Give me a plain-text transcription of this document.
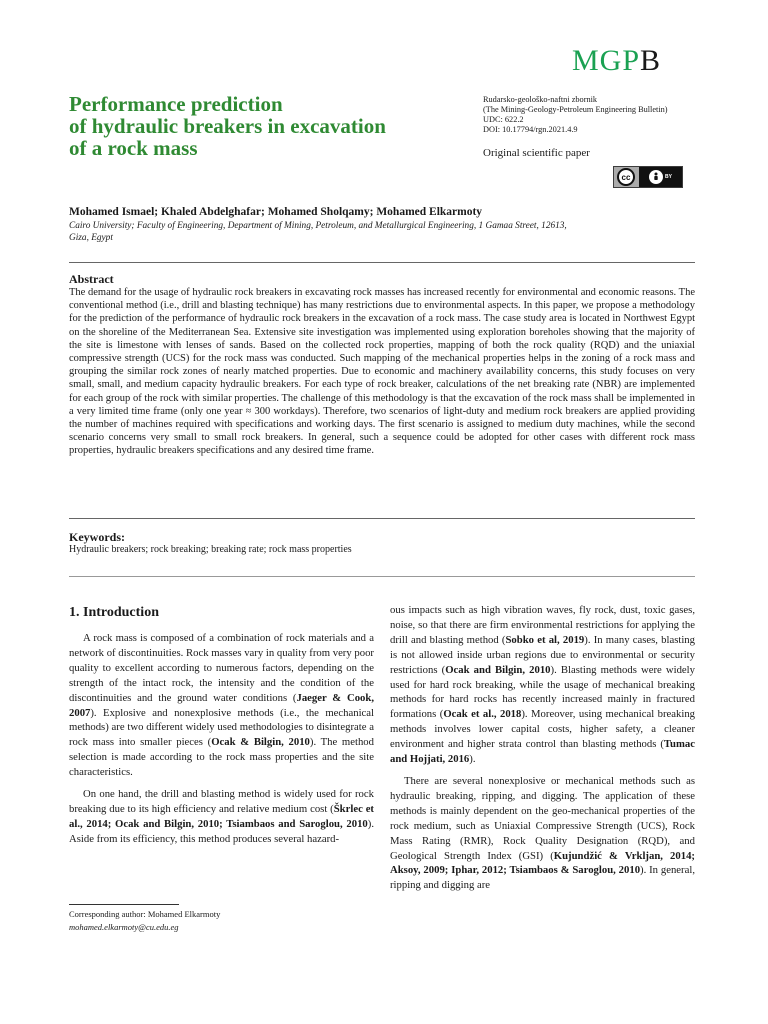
MGPB
Performance prediction
of hydraulic breakers in excavation
of a rock mass
Rudarsko-geološko-naftni zbornik
(The Mining-Geology-Petroleum Engineering Bulletin)
UDC: 622.2
DOI: 10.17794/rgn.2021.4.9
Original scientific paper
cc	BY
Mohamed Ismael; Khaled Abdelghafar; Mohamed Sholqamy; Mohamed Elkarmoty
Cairo University; Faculty of Engineering, Department of Mining, Petroleum, and Metallurgical Engineering, 1 Gamaa Street, 12613,
Giza, Egypt
Abstract

The demand for the usage of hydraulic rock breakers in excavating rock masses has increased recently for environmental and economic reasons. The conventional method (i.e., drill and blasting technique) has many restrictions due to environmental aspects. In this paper, we propose a methodology for the prediction of the performance of hydraulic rock breakers in the excavation of a rock mass. The case study area is located in Northwest Egypt on the shoreline of the Mediterranean Sea. Extensive site investigation was implemented using exploration boreholes showing that the majority of the site is limestone with lenses of sands. Based on the collected rock properties, mapping of both the rock quality (RQD) and the uniaxial compressive strength (UCS) for the rock mass was conducted. Such mapping of the mechanical properties helps in the zoning of a rock mass and grouping the similar rock zones of nearly matched properties. Due to economic and machinery availability concerns, this study focuses on very small, small, and medium capacity hydraulic breakers. For each type of rock breaker, calculations of the net breaking rate (NBR) are implemented for each group of the rock with similar properties. The challenge of this methodology is that the excavation of the rock mass shall be implemented in a very limited time frame (only one year ≈ 300 workdays). Therefore, two scenarios of light-duty and medium rock breakers are applied providing the number of machines required with specifications and working days. The first scenario is assigned to medium duty machines, while the second scenario concerns very small to small rock breakers. In general, such a sequence could be adopted for other cases with different rock mass properties, hydraulic breakers specifications and any desired time frame.

Keywords:
Hydraulic breakers; rock breaking; breaking rate; rock mass properties
1. Introduction

A rock mass is composed of a combination of rock materials and a network of discontinuities. Rock masses vary in quality from very poor quality to excellent according to numerous factors, depending on the strength of the intact rock, the intensity and the condition of the discontinuities and the ground water conditions (Jaeger & Cook, 2007). Explosive and nonexplosive methods (i.e., the mechanical methods) are two different widely used methodologies to disintegrate a rock mass into smaller pieces (Ocak & Bilgin, 2010). The method selection is made according to the rock mass properties and the site characteristics.

On one hand, the drill and blasting method is widely used for rock breaking due to its high efficiency and relative medium cost (Škrlec et al., 2014; Ocak and Bilgin, 2010; Tsiambaos and Saroglou, 2010). Aside from its efficiency, this method produces several hazard-

ous impacts such as high vibration waves, fly rock, dust, toxic gases, noise, so that there are firm environmental restrictions for applying the drill and blasting method (Sobko et al, 2019). In many cases, blasting is not allowed inside urban regions due to environmental or security restrictions (Ocak and Bilgin, 2010). Blasting methods were widely used for hard rock breaking, while the usage of mechanical breaking methods for hard rocks has recently increased mainly in fractured formations (Ocak et al., 2018). Moreover, using mechanical breaking methods involves lower capital costs, higher safety, a cleaner environment and higher strata control than blasting methods (Tumac and Hojjati, 2016).

There are several nonexplosive or mechanical methods such as hydraulic breaking, ripping, and digging. The application of these methods is mainly dependent on the geo-mechanical properties of the rock medium, such as Uniaxial Compressive Strength (UCS), Rock Mass Rating (RMR), Rock Quality Designation (RQD), and Geological Strength Index (GSI) (Kujundžić & Vrkljan, 2014; Aksoy, 2009; Iphar, 2012; Tsiambaos & Saroglou, 2010). In general, ripping and digging are

Corresponding author: Mohamed Elkarmoty
mohamed.elkarmoty@cu.edu.eg
